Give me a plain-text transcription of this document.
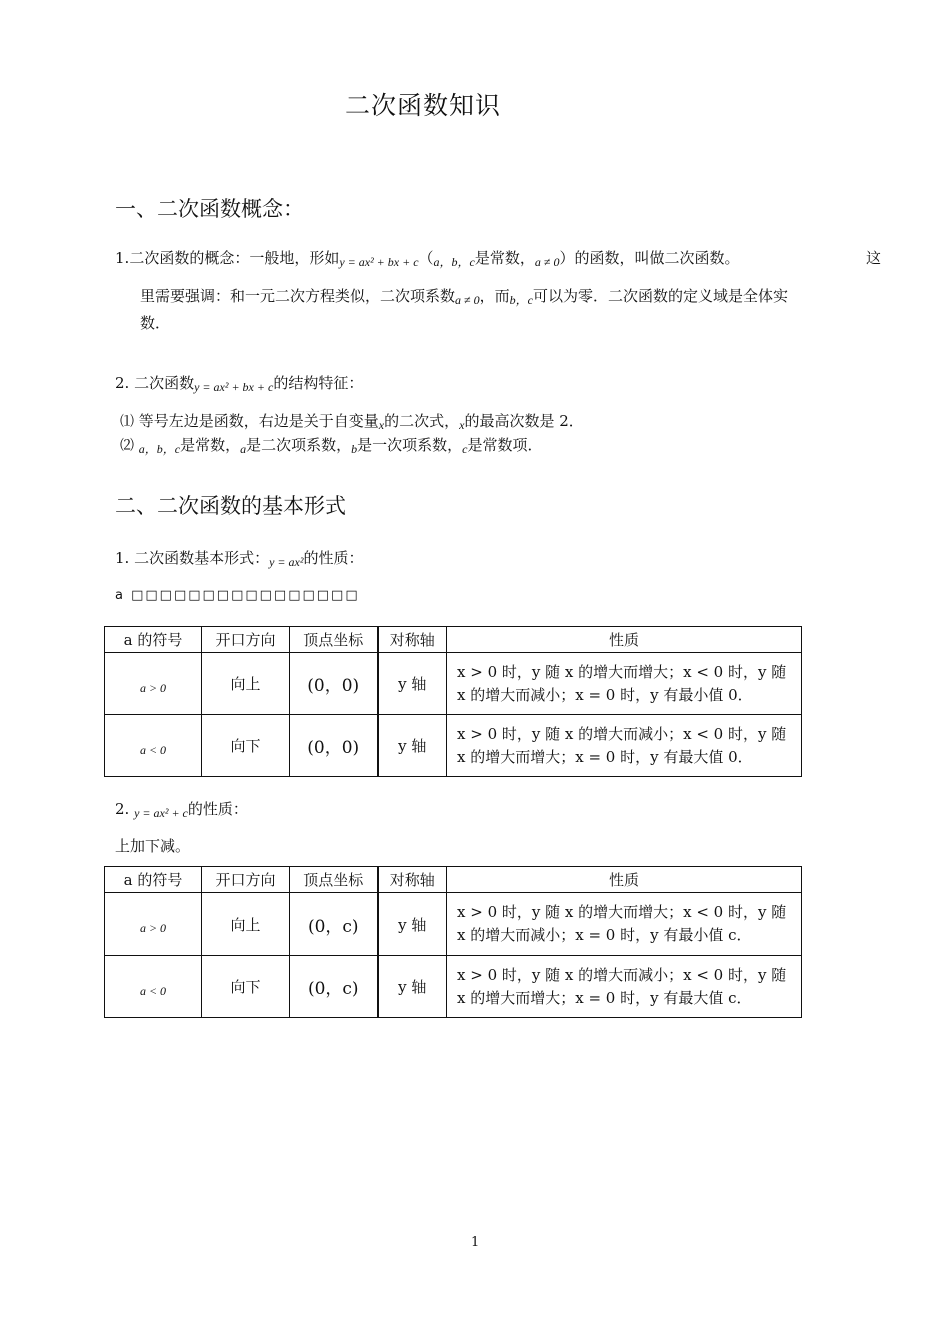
二次函数知识
一、二次函数概念：
1.二次函数的概念：一般地，形如$_{y = ax^2 + bx + c}(_{a,b,c}$是常数，$_{a \ne 0}$）的函数，叫做二次函数。	这
里需要强调：和一元二次方程类似，二次项系数$_{a \ne 0}$，而$_{b,c}$可以为零．二次函数的定义域是全体实
数．
2. 二次函数$_{y = ax^2 + bx + c}$的结构特征：
⑴ 等号左边是函数，右边是关于自变量$_x$的二次式，$_x$的最高次数是 2．
⑵ $_{a,b,c}$是常数，$_a$是二次项系数，$_b$是一次项系数，$_c$是常数项．
二、二次函数的基本形式
1. 二次函数基本形式：$_{y = ax^2}$的性质：
a □□□□□□□□□□□□□□□□
a 的符号	开口方向	顶点坐标	对称轴	性质
$_{a > 0}$	向上	(0，0)	y 轴	x > 0 时，y 随 x 的增大而增大；x < 0 时，y 随
x 的增大而减小；x = 0 时，y 有最小值 0．

$_{a < 0}$	向下	(0，0)	y 轴	x > 0 时，y 随 x 的增大而减小；x < 0 时，y 随
x 的增大而增大；x = 0 时，y 有最大值 0．
2. $_{y = ax^2 + c}$的性质：
上加下减。
a 的符号	开口方向	顶点坐标	对称轴	性质
$_{a > 0}$	向上	(0，c)	y 轴	x > 0 时，y 随 x 的增大而增大；x < 0 时，y 随
x 的增大而减小；x = 0 时，y 有最小值 c．

$_{a < 0}$	向下	(0，c)	y 轴	x > 0 时，y 随 x 的增大而减小；x < 0 时，y 随
x 的增大而增大；x = 0 时，y 有最大值 c．
1
